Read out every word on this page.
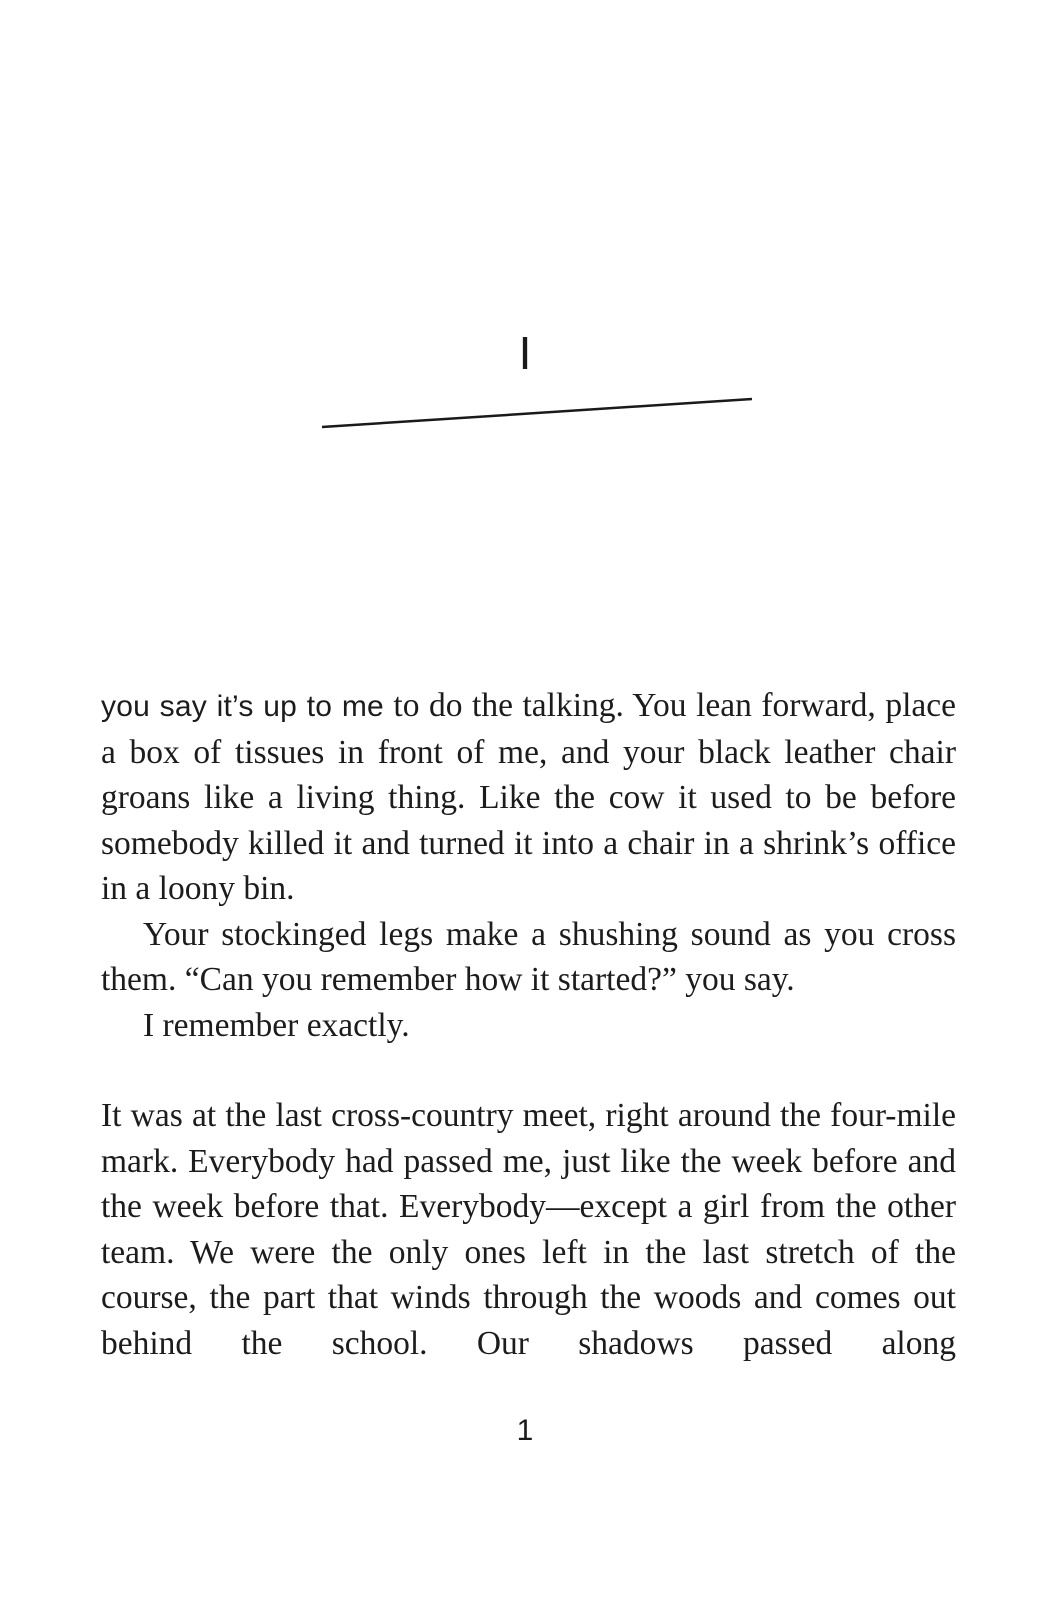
I

you say it’s up to me to do the talking. You lean forward, place a box of tissues in front of me, and your black leather chair groans like a living thing. Like the cow it used to be before somebody killed it and turned it into a chair in a shrink’s office in a loony bin.

Your stockinged legs make a shushing sound as you cross them. “Can you remember how it started?” you say.

I remember exactly.

It was at the last cross-country meet, right around the four-mile mark. Everybody had passed me, just like the week before and the week before that. Everybody—except a girl from the other team. We were the only ones left in the last stretch of the course, the part that winds through the woods and comes out behind the school. Our shadows passed along

1
